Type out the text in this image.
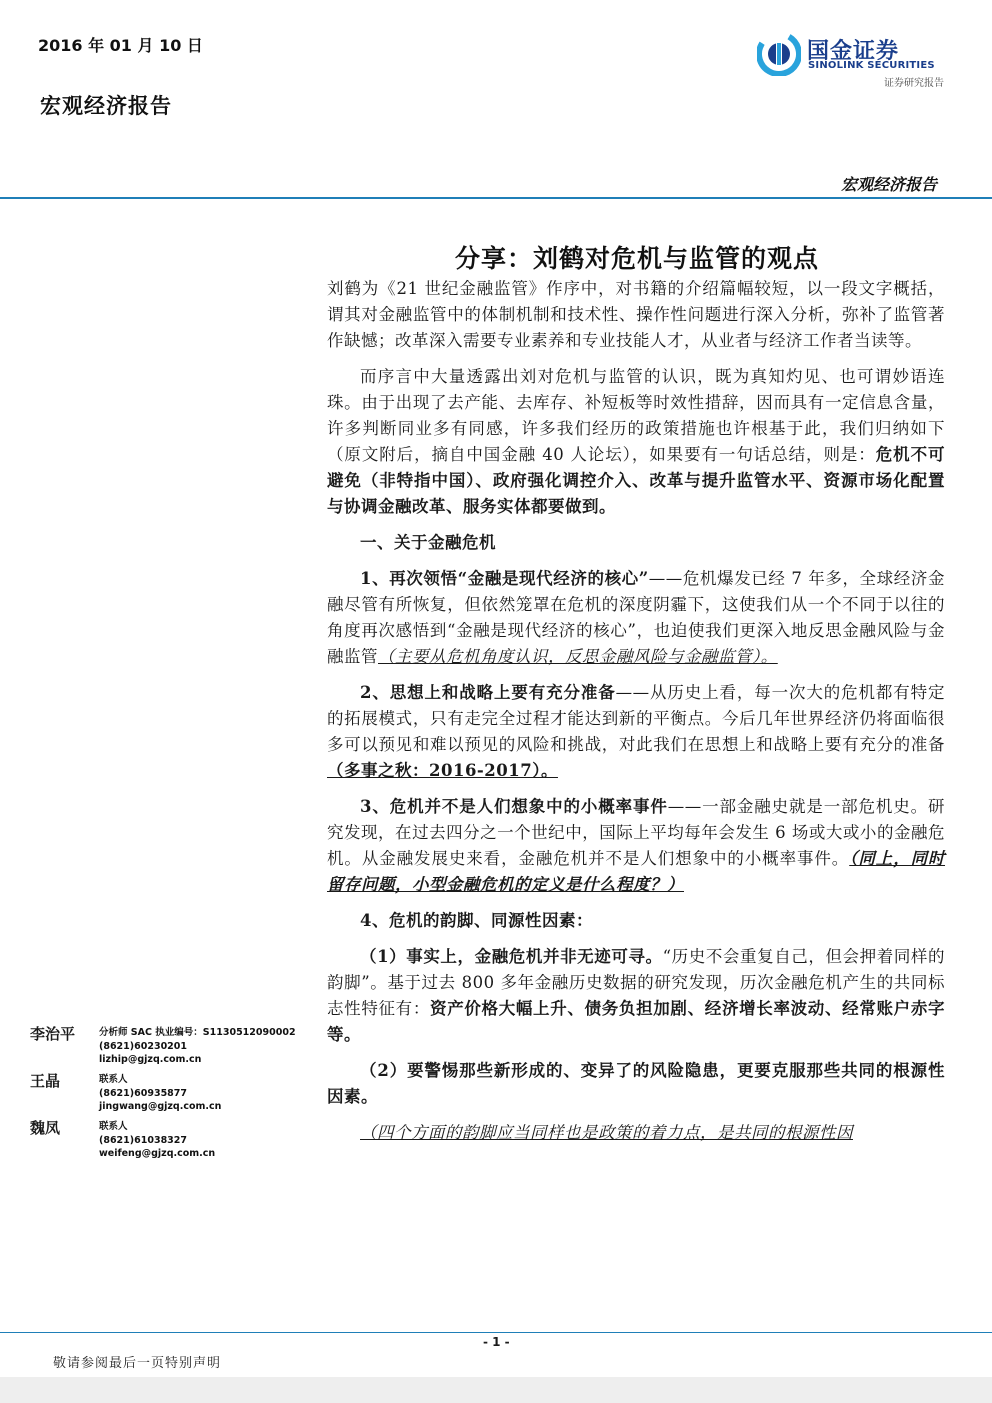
2016 年 01 月 10 日
宏观经济报告
国金证券
SINOLINK SECURITIES
证券研究报告
宏观经济报告
分享：刘鹤对危机与监管的观点

刘鹤为《21 世纪金融监管》作序中，对书籍的介绍篇幅较短，以一段文字概括，谓其对金融监管中的体制机制和技术性、操作性问题进行深入分析，弥补了监管著作缺憾；改革深入需要专业素养和专业技能人才，从业者与经济工作者当读等。

而序言中大量透露出刘对危机与监管的认识，既为真知灼见、也可谓妙语连珠。由于出现了去产能、去库存、补短板等时效性措辞，因而具有一定信息含量，许多判断同业多有同感，许多我们经历的政策措施也许根基于此，我们归纳如下（原文附后，摘自中国金融 40 人论坛），如果要有一句话总结，则是：危机不可避免（非特指中国）、政府强化调控介入、改革与提升监管水平、资源市场化配置与协调金融改革、服务实体都要做到。

一、关于金融危机

1、再次领悟“金融是现代经济的核心”——危机爆发已经 7 年多，全球经济金融尽管有所恢复，但依然笼罩在危机的深度阴霾下，这使我们从一个不同于以往的角度再次感悟到“金融是现代经济的核心”，也迫使我们更深入地反思金融风险与金融监管（主要从危机角度认识，反思金融风险与金融监管）。

2、思想上和战略上要有充分准备——从历史上看，每一次大的危机都有特定的拓展模式，只有走完全过程才能达到新的平衡点。今后几年世界经济仍将面临很多可以预见和难以预见的风险和挑战，对此我们在思想上和战略上要有充分的准备（多事之秋：2016-2017）。

3、危机并不是人们想象中的小概率事件——一部金融史就是一部危机史。研究发现，在过去四分之一个世纪中，国际上平均每年会发生 6 场或大或小的金融危机。从金融发展史来看，金融危机并不是人们想象中的小概率事件。（同上，同时留存问题，小型金融危机的定义是什么程度？）

4、危机的韵脚、同源性因素：

（1）事实上，金融危机并非无迹可寻。“历史不会重复自己，但会押着同样的韵脚”。基于过去 800 多年金融历史数据的研究发现，历次金融危机产生的共同标志性特征有：资产价格大幅上升、债务负担加剧、经济增长率波动、经常账户赤字等。

（2）要警惕那些新形成的、变异了的风险隐患，更要克服那些共同的根源性因素。

（四个方面的韵脚应当同样也是政策的着力点，是共同的根源性因

李治平	分析师 SAC 执业编号：S1130512090002
(8621)60230201
lizhip@gjzq.com.cn
王晶	联系人
(8621)60935877
jingwang@gjzq.com.cn
魏凤	联系人
(8621)61038327
weifeng@gjzq.com.cn
- 1 -
敬请参阅最后一页特别声明
